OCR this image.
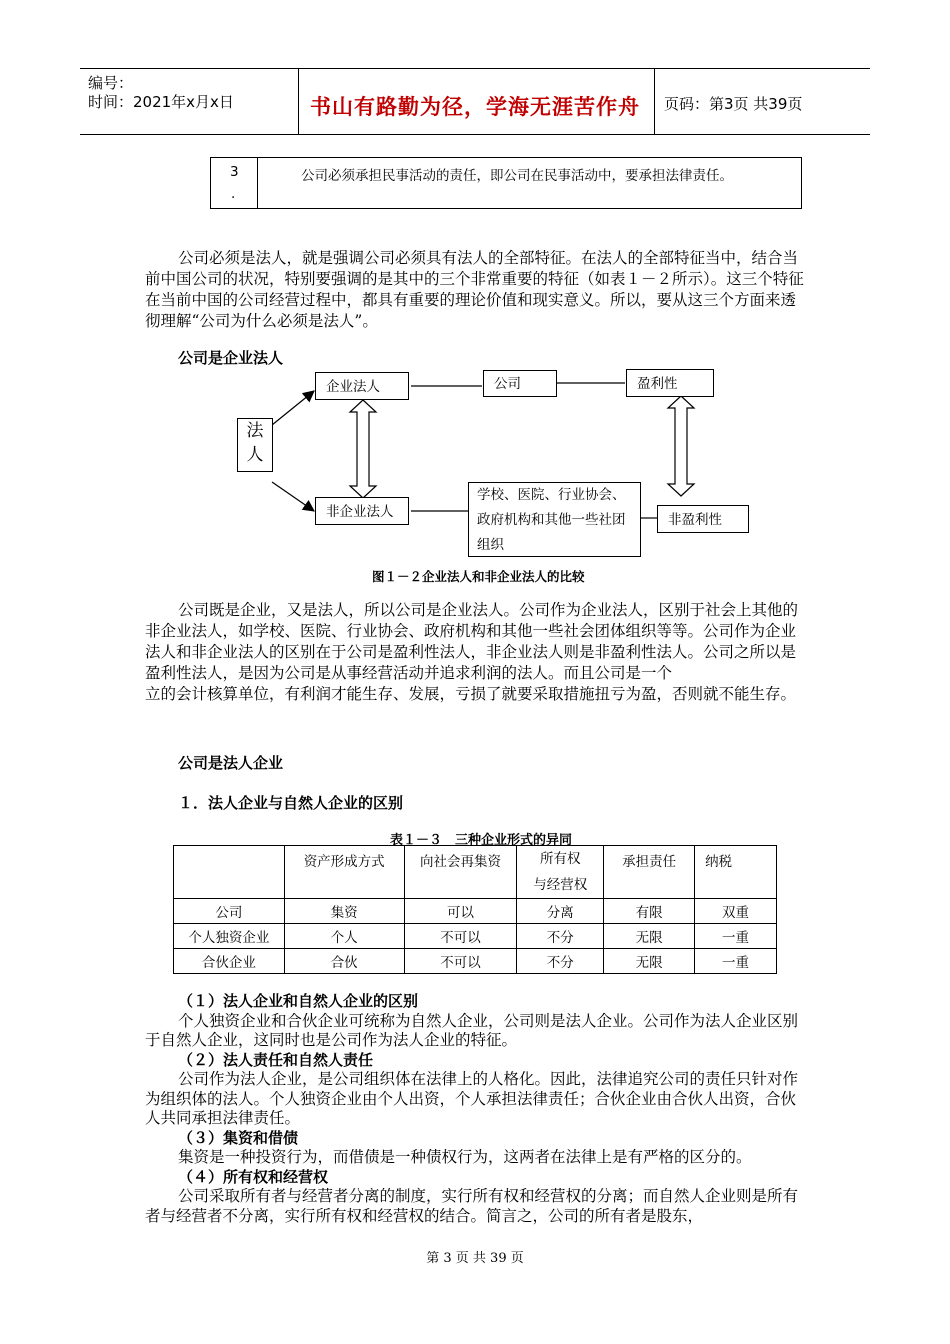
编号：
时间：2021年x月x日	书山有路勤为径，学海无涯苦作舟 页码：第3页 共39页
3
.
公司必须承担民事活动的责任，即公司在民事活动中，要承担法律责任。

公司必须是法人，就是强调公司必须具有法人的全部特征。在法人的全部特征当中，结合当前中国公司的状况，特别要强调的是其中的三个非常重要的特征（如表１－２所示）。这三个特征在当前中国的公司经营过程中，都具有重要的理论价值和现实意义。所以，要从这三个方面来透彻理解“公司为什么必须是法人”。

公司是企业法人
法人
企业法人	公司	盈利性
非企业法人
学校、医院、行业协会、政府机构和其他一些社团组织
非盈利性
图１－２企业法人和非企业法人的比较

公司既是企业，又是法人，所以公司是企业法人。公司作为企业法人，区别于社会上其他的非企业法人，如学校、医院、行业协会、政府机构和其他一些社会团体组织等等。公司作为企业法人和非企业法人的区别在于公司是盈利性法人，非企业法人则是非盈利性法人。公司之所以是盈利性法人，是因为公司是从事经营活动并追求利润的法人。而且公司是一个

立的会计核算单位，有利润才能生存、发展，亏损了就要采取措施扭亏为盈，否则就不能生存。

公司是法人企业
１．法人企业与自然人企业的区别
表１－３　三种企业形式的异同
	资产形成方式	向社会再集资	所有权
与经营权	承担责任	纳税
公司	集资	可以	分离	有限	双重
个人独资企业	个人	不可以	不分	无限	一重
合伙企业	合伙	不可以	不分	无限	一重

（１）法人企业和自然人企业的区别

个人独资企业和合伙企业可统称为自然人企业，公司则是法人企业。公司作为法人企业区别于自然人企业，这同时也是公司作为法人企业的特征。

（２）法人责任和自然人责任

公司作为法人企业，是公司组织体在法律上的人格化。因此，法律追究公司的责任只针对作为组织体的法人。个人独资企业由个人出资，个人承担法律责任；合伙企业由合伙人出资，合伙人共同承担法律责任。

（３）集资和借债

集资是一种投资行为，而借债是一种债权行为，这两者在法律上是有严格的区分的。

（４）所有权和经营权

公司采取所有者与经营者分离的制度，实行所有权和经营权的分离；而自然人企业则是所有者与经营者不分离，实行所有权和经营权的结合。简言之，公司的所有者是股东，

第 3 页 共 39 页
